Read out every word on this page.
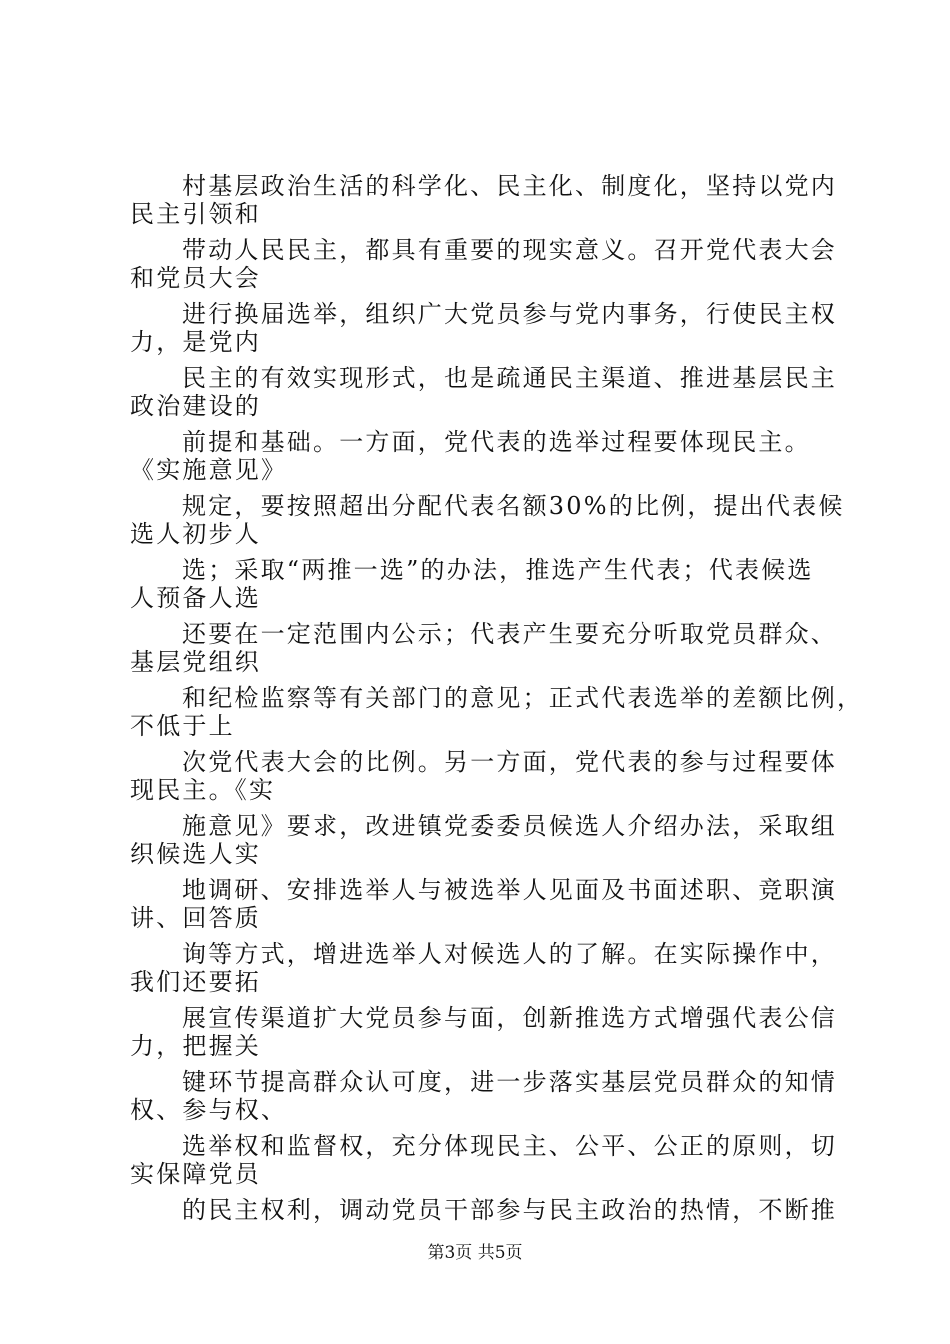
村基层政治生活的科学化、民主化、制度化，坚持以党内

民主引领和

带动人民民主，都具有重要的现实意义。召开党代表大会

和党员大会

进行换届选举，组织广大党员参与党内事务，行使民主权

力，是党内

民主的有效实现形式，也是疏通民主渠道、推进基层民主

政治建设的

前提和基础。一方面，党代表的选举过程要体现民主。

《实施意见》

规定，要按照超出分配代表名额30%的比例，提出代表候

选人初步人

选；采取“两推一选”的办法，推选产生代表；代表候选

人预备人选

还要在一定范围内公示；代表产生要充分听取党员群众、

基层党组织

和纪检监察等有关部门的意见；正式代表选举的差额比例，

不低于上

次党代表大会的比例。另一方面，党代表的参与过程要体

现民主。《实

施意见》要求，改进镇党委委员候选人介绍办法，采取组

织候选人实

地调研、安排选举人与被选举人见面及书面述职、竞职演

讲、回答质

询等方式，增进选举人对候选人的了解。在实际操作中，

我们还要拓

展宣传渠道扩大党员参与面，创新推选方式增强代表公信

力，把握关

键环节提高群众认可度，进一步落实基层党员群众的知情

权、参与权、

选举权和监督权，充分体现民主、公平、公正的原则，切

实保障党员

的民主权利，调动党员干部参与民主政治的热情，不断推

第3页 共5页
